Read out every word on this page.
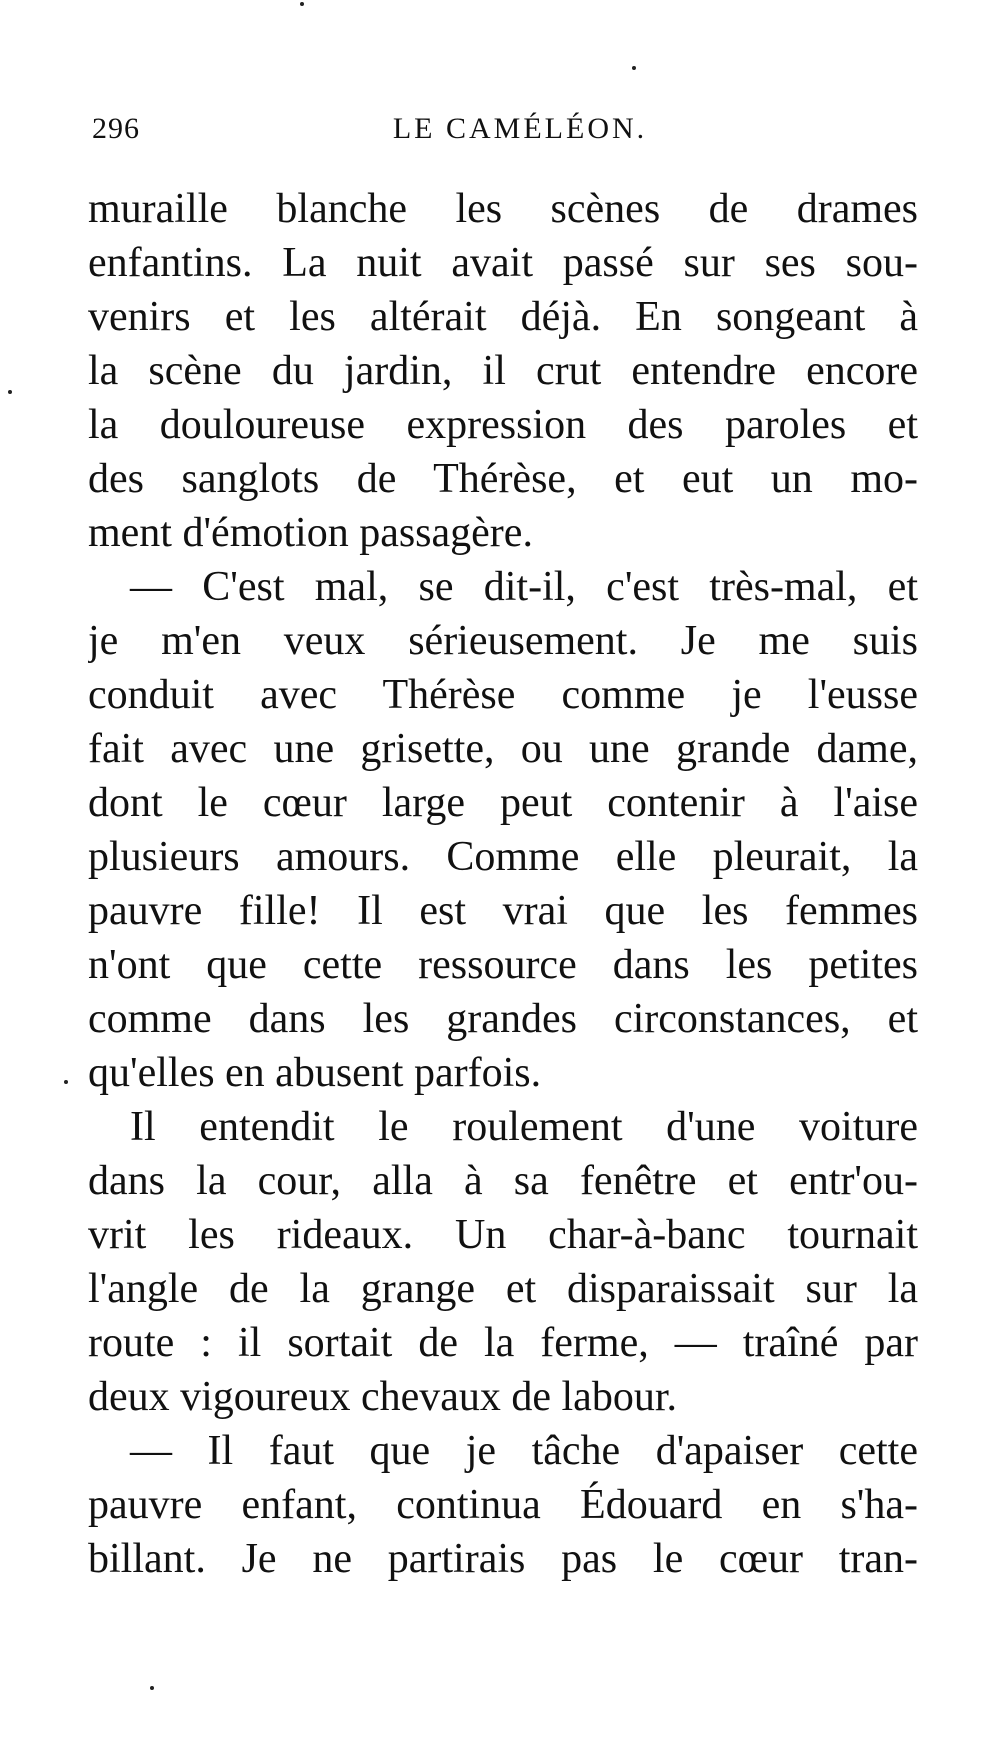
296	LE CAMÉLÉON.
muraille blanche les scènes de drames
enfantins. La nuit avait passé sur ses sou-
venirs et les altérait déjà. En songeant à
la scène du jardin, il crut entendre encore
la douloureuse expression des paroles et
des sanglots de Thérèse, et eut un mo-
ment d'émotion passagère.
— C'est mal, se dit-il, c'est très-mal, et
je m'en veux sérieusement. Je me suis
conduit avec Thérèse comme je l'eusse
fait avec une grisette, ou une grande dame,
dont le cœur large peut contenir à l'aise
plusieurs amours. Comme elle pleurait, la
pauvre fille! Il est vrai que les femmes
n'ont que cette ressource dans les petites
comme dans les grandes circonstances, et
qu'elles en abusent parfois.
Il entendit le roulement d'une voiture
dans la cour, alla à sa fenêtre et entr'ou-
vrit les rideaux. Un char-à-banc tournait
l'angle de la grange et disparaissait sur la
route : il sortait de la ferme, — traîné par
deux vigoureux chevaux de labour.
— Il faut que je tâche d'apaiser cette
pauvre enfant, continua Édouard en s'ha-
billant. Je ne partirais pas le cœur tran-
